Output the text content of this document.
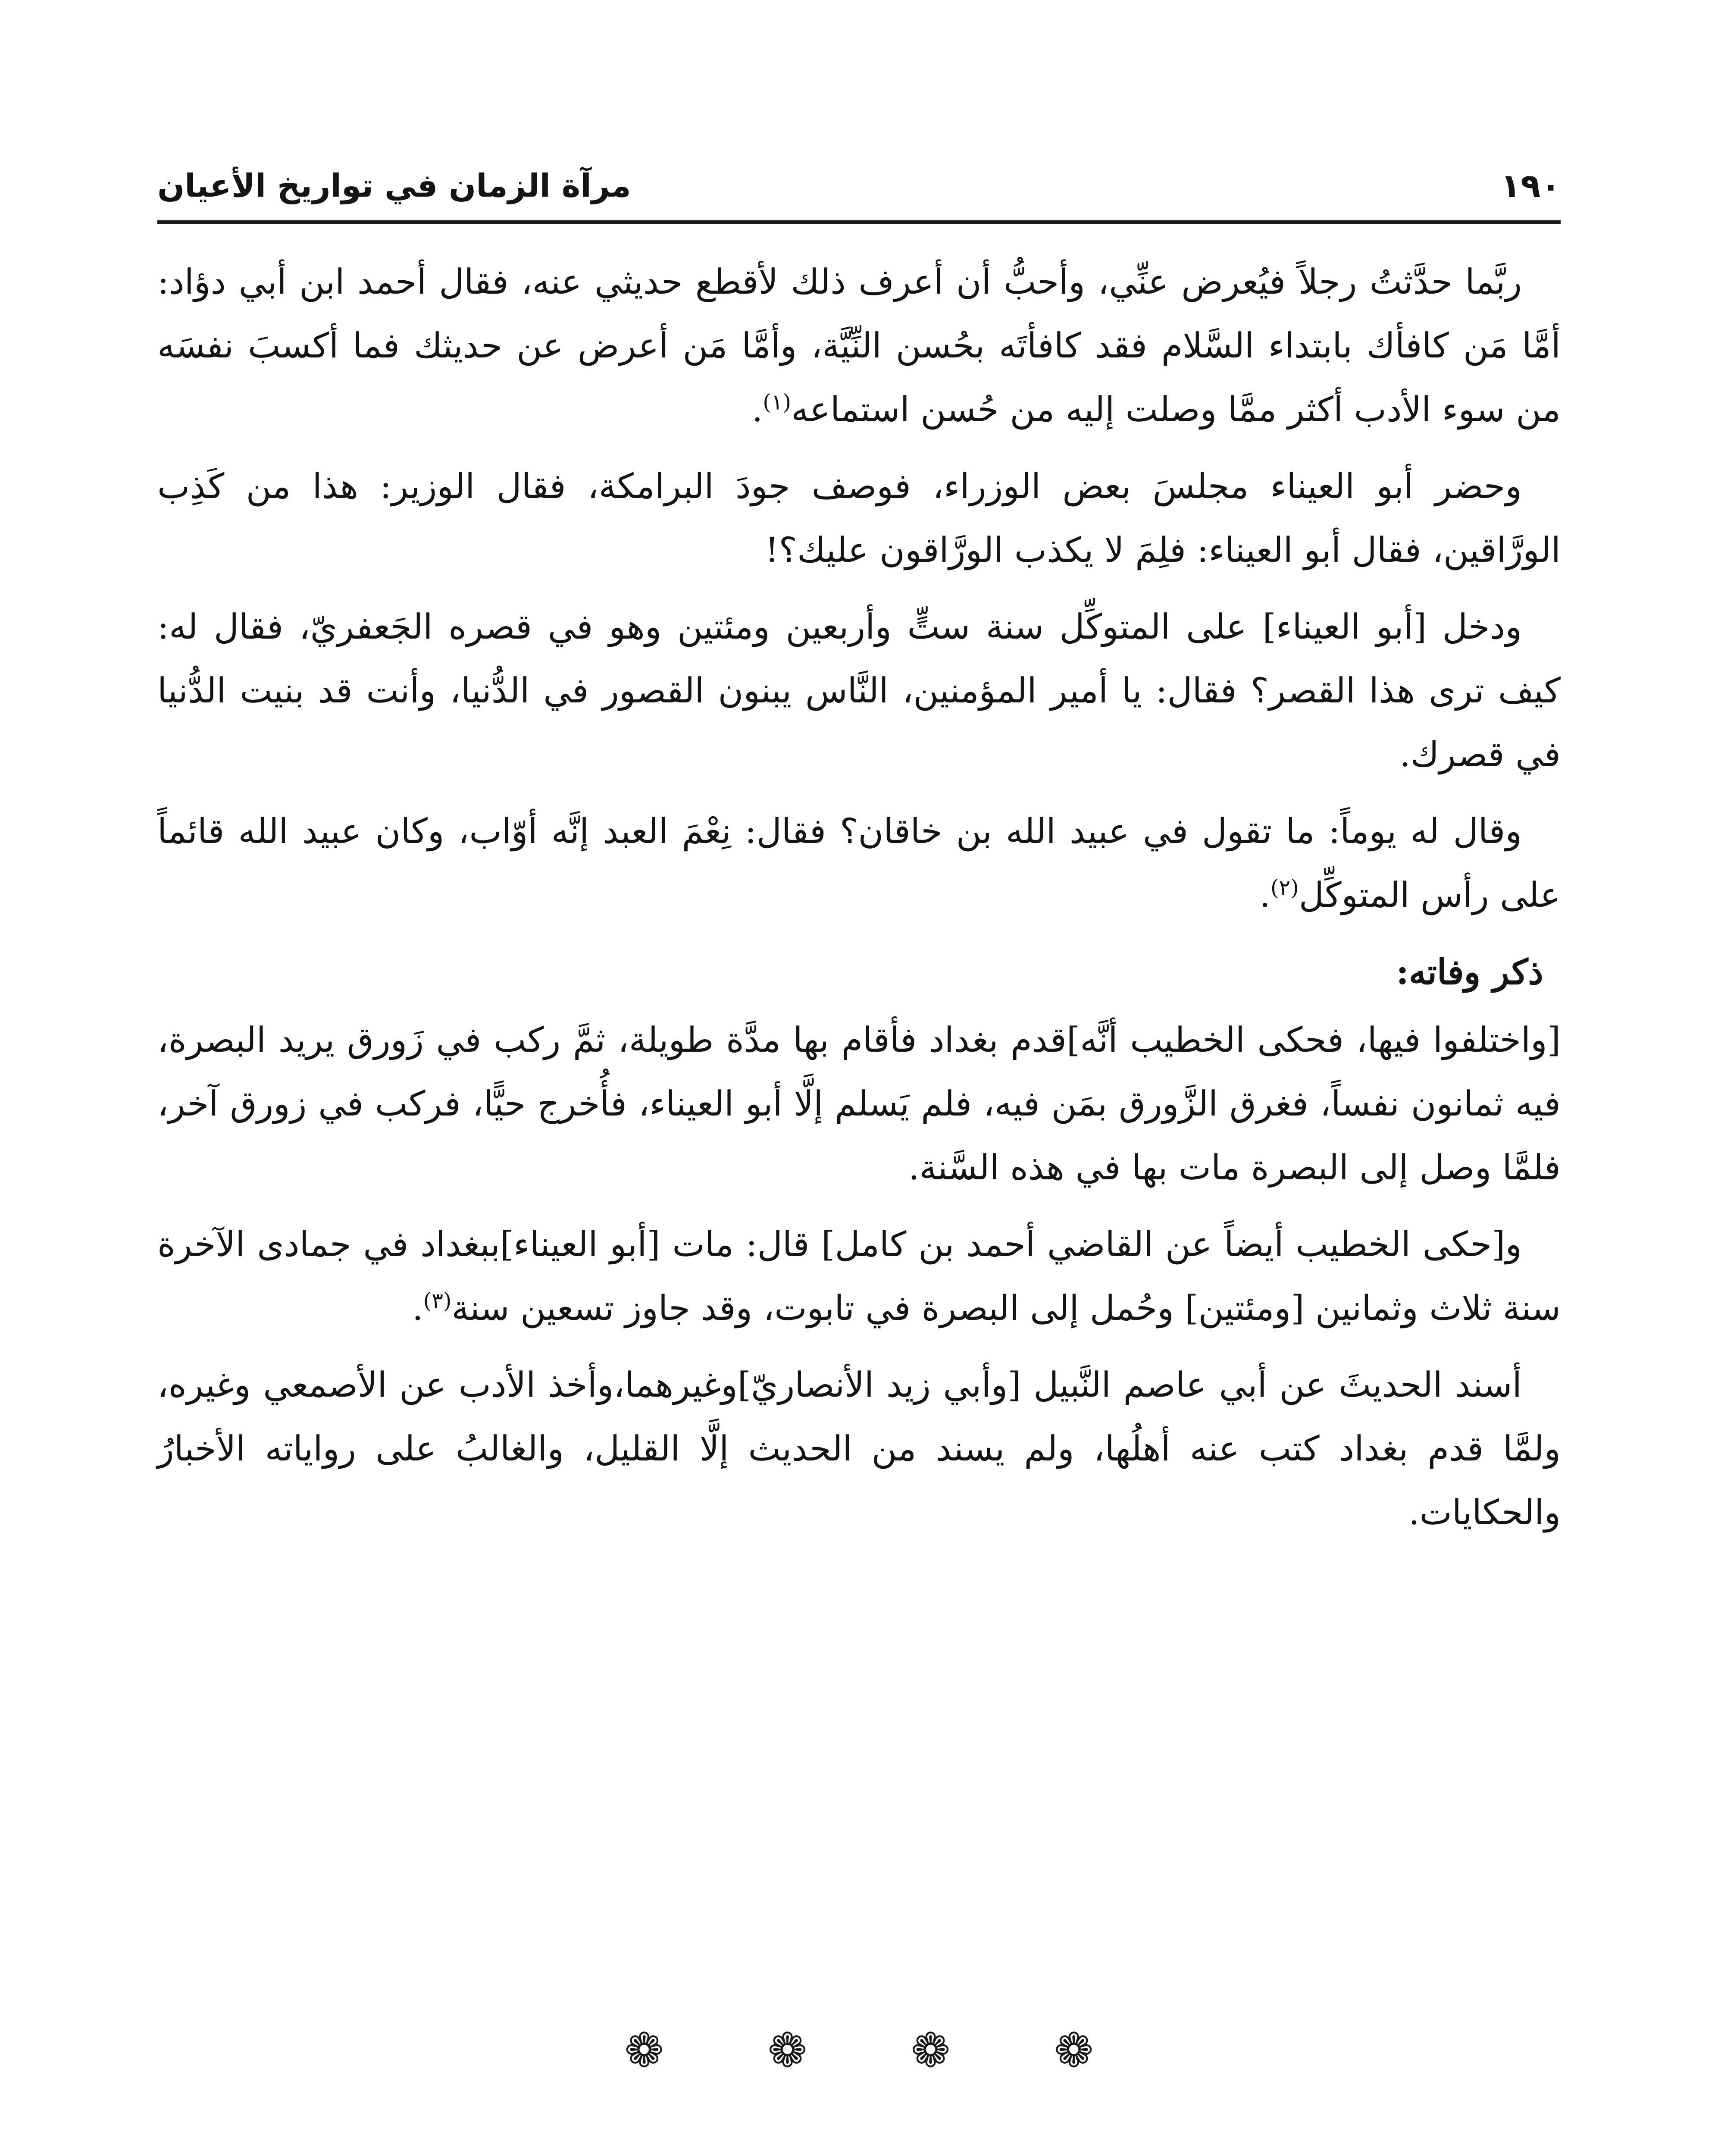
١٩٠
مرآة الزمان في تواريخ الأعيان

ربَّما حدَّثتُ رجلاً فيُعرض عنِّي، وأحبُّ أن أعرف ذلك لأقطع حديثي عنه، فقال أحمد ابن أبي دؤاد: أمَّا مَن كافأك بابتداء السَّلام فقد كافأتَه بحُسن النِّيَّة، وأمَّا مَن أعرض عن حديثك فما أكسبَ نفسَه من سوء الأدب أكثر ممَّا وصلت إليه من حُسن استماعه$^{(١)}$.

وحضر أبو العيناء مجلسَ بعض الوزراء، فوصف جودَ البرامكة، فقال الوزير: هذا من كَذِب الورَّاقين، فقال أبو العيناء: فلِمَ لا يكذب الورَّاقون عليك؟!

ودخل [أبو العيناء] على المتوكِّل سنة ستٍّ وأربعين ومئتين وهو في قصره الجَعفريّ، فقال له: كيف ترى هذا القصر؟ فقال: يا أمير المؤمنين، النَّاس يبنون القصور في الدُّنيا، وأنت قد بنيت الدُّنيا في قصرك.

وقال له يوماً: ما تقول في عبيد الله بن خاقان؟ فقال: نِعْمَ العبد إنَّه أوّاب، وكان عبيد الله قائماً على رأس المتوكِّل$^{(٢)}$.

ذكر وفاته:

[واختلفوا فيها، فحكى الخطيب أنَّه]قدم بغداد فأقام بها مدَّة طويلة، ثمَّ ركب في زَورق يريد البصرة، فيه ثمانون نفساً، فغرق الزَّورق بمَن فيه، فلم يَسلم إلَّا أبو العيناء، فأُخرج حيًّا، فركب في زورق آخر، فلمَّا وصل إلى البصرة مات بها في هذه السَّنة.

و[حكى الخطيب أيضاً عن القاضي أحمد بن كامل] قال: مات [أبو العيناء]ببغداد في جمادى الآخرة سنة ثلاث وثمانين [ومئتين] وحُمل إلى البصرة في تابوت، وقد جاوز تسعين سنة$^{(٣)}$.

أسند الحديثَ عن أبي عاصم النَّبيل [وأبي زيد الأنصاريّ]وغيرهما،وأخذ الأدب عن الأصمعي وغيره، ولمَّا قدم بغداد كتب عنه أهلُها، ولم يسند من الحديث إلَّا القليل، والغالبُ على رواياته الأخبارُ والحكايات.

❁
❁
❁
❁
